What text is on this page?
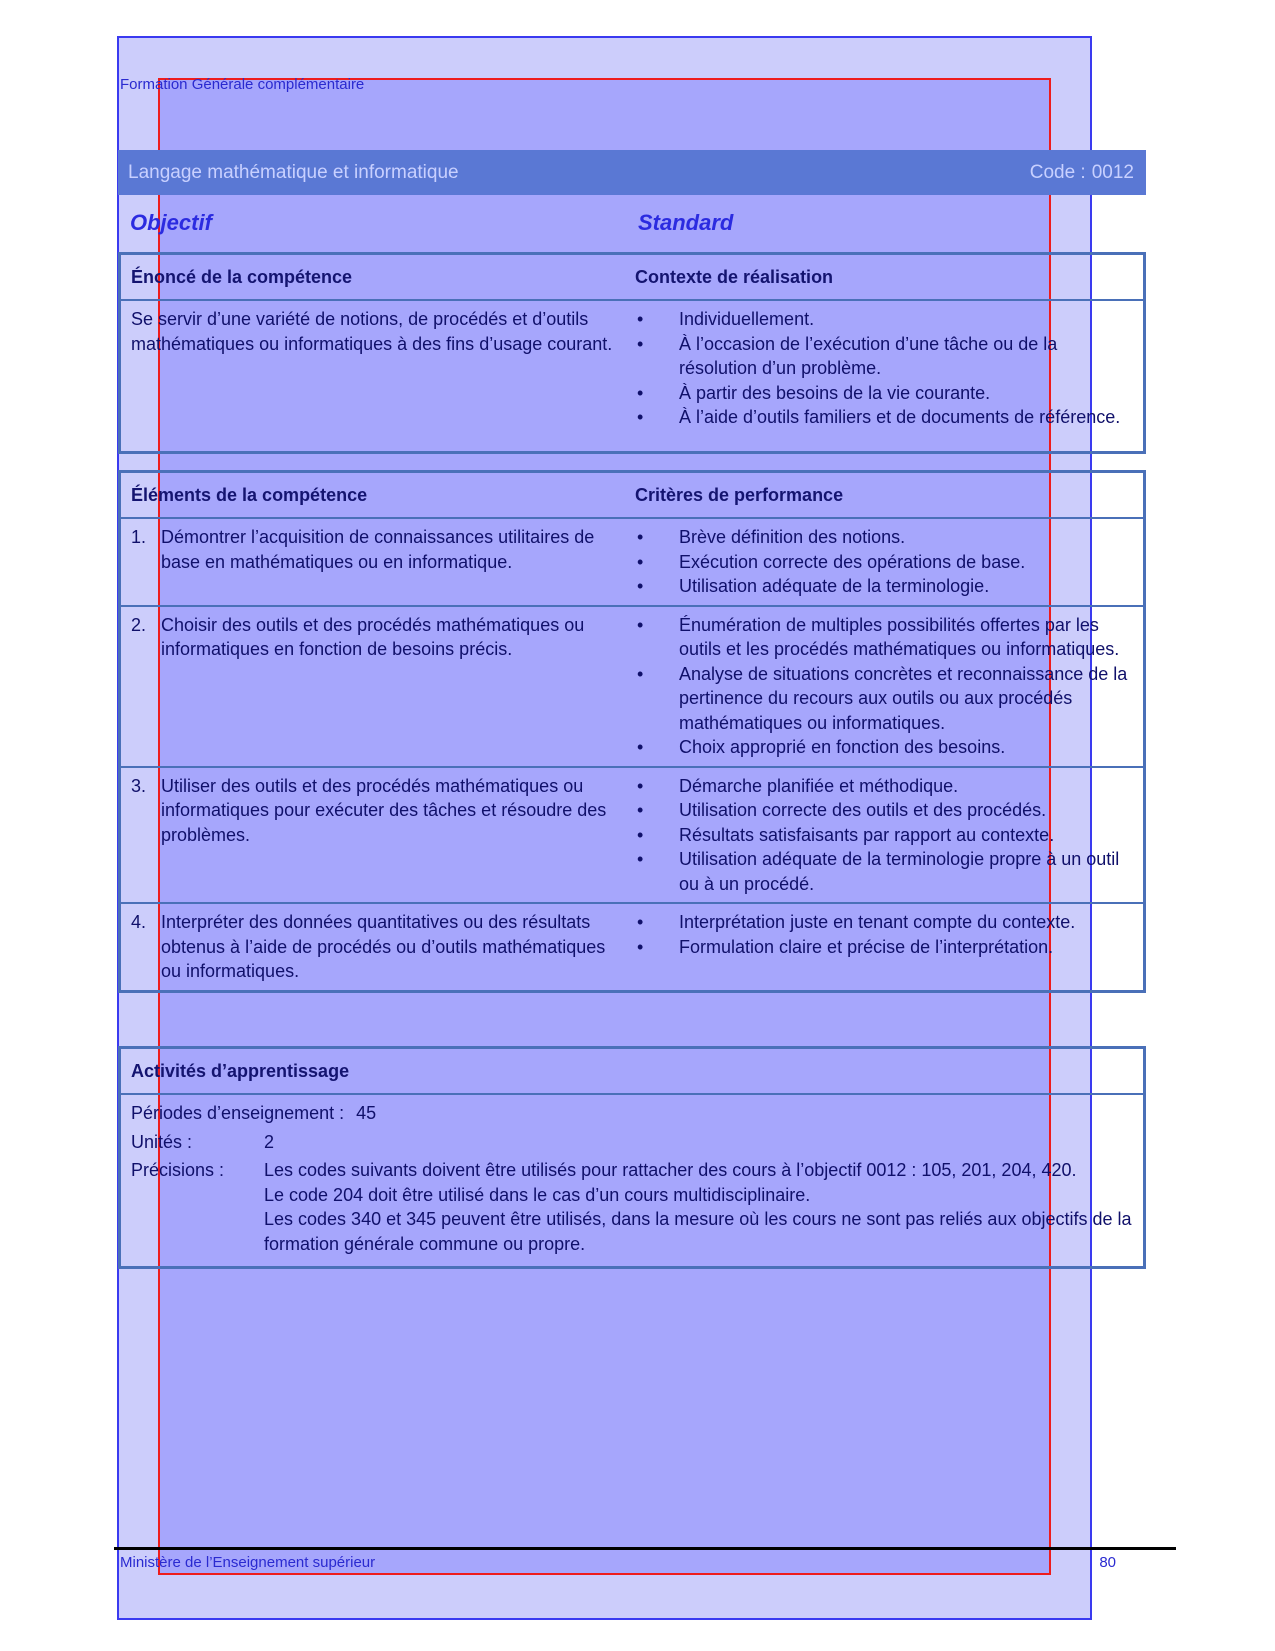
Formation Générale complémentaire
Langage mathématique et informatique	Code : 0012
Objectif	Standard
Énoncé de la compétence	Contexte de réalisation
Se servir d’une variété de notions, de procédés et d’outils mathématiques ou informatiques à des fins d’usage courant.
• Individuellement.
• À l’occasion de l’exécution d’une tâche ou de la résolution d’un problème.
• À partir des besoins de la vie courante.
• À l’aide d’outils familiers et de documents de référence.
Éléments de la compétence	Critères de performance
1. Démontrer l’acquisition de connaissances utilitaires de base en mathématiques ou en informatique.
• Brève définition des notions.
• Exécution correcte des opérations de base.
• Utilisation adéquate de la terminologie.
2. Choisir des outils et des procédés mathématiques ou informatiques en fonction de besoins précis.
• Énumération de multiples possibilités offertes par les outils et les procédés mathématiques ou informatiques.
• Analyse de situations concrètes et reconnaissance de la pertinence du recours aux outils ou aux procédés mathématiques ou informatiques.
• Choix approprié en fonction des besoins.
3. Utiliser des outils et des procédés mathématiques ou informatiques pour exécuter des tâches et résoudre des problèmes.
• Démarche planifiée et méthodique.
• Utilisation correcte des outils et des procédés.
• Résultats satisfaisants par rapport au contexte.
• Utilisation adéquate de la terminologie propre à un outil ou à un procédé.
4. Interpréter des données quantitatives ou des résultats obtenus à l’aide de procédés ou d’outils mathématiques ou informatiques.
• Interprétation juste en tenant compte du contexte.
• Formulation claire et précise de l’interprétation.
Activités d’apprentissage
Périodes d’enseignement : 45
Unités :	2
Précisions :	Les codes suivants doivent être utilisés pour rattacher des cours à l’objectif 0012 : 105, 201, 204, 420.
Le code 204 doit être utilisé dans le cas d’un cours multidisciplinaire.
Les codes 340 et 345 peuvent être utilisés, dans la mesure où les cours ne sont pas reliés aux objectifs de la formation générale commune ou propre.
Ministère de l’Enseignement supérieur	80
